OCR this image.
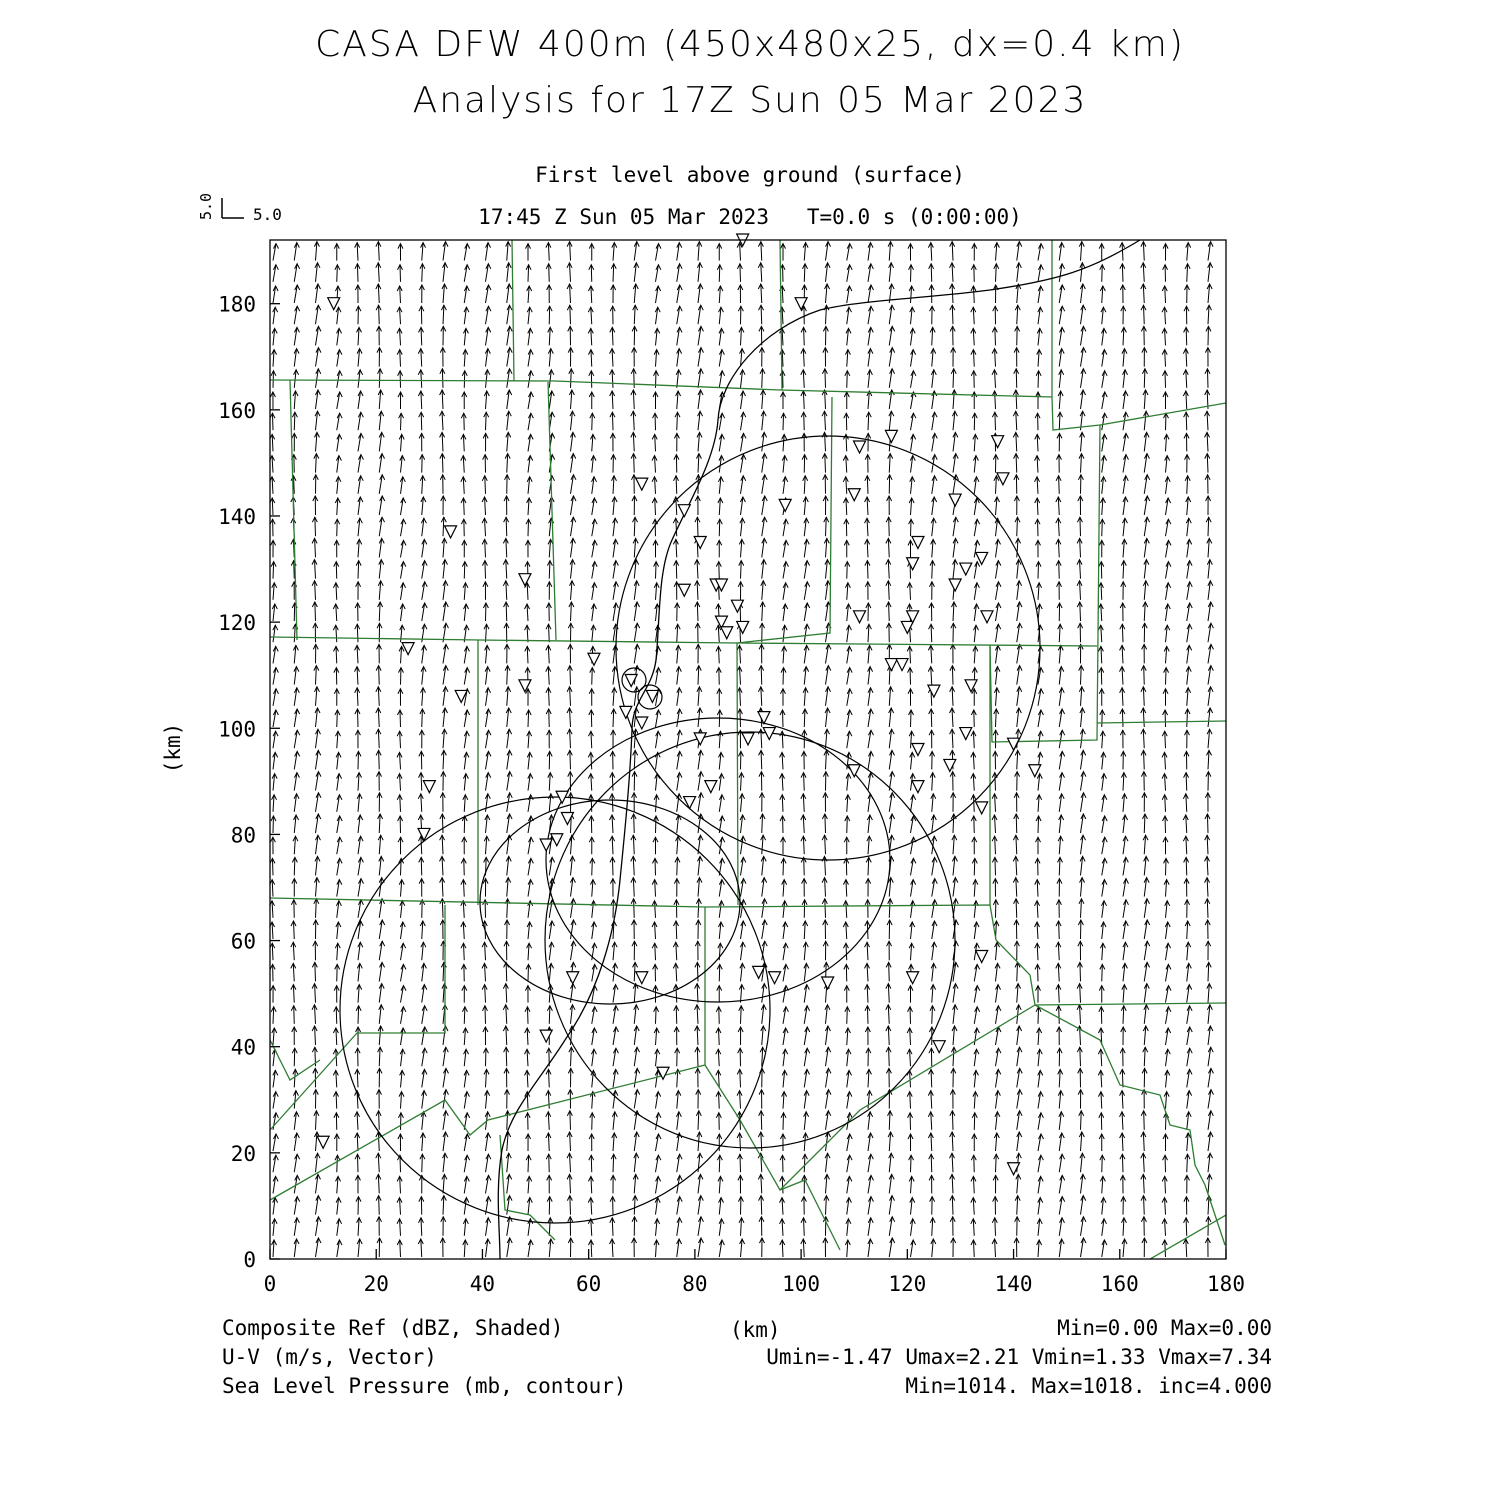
CASA DFW 400m (450x480x25, dx=0.4 km)
Analysis for 17Z Sun 05 Mar 2023
First level above ground (surface)
17:45 Z Sun 05 Mar 2023   T=0.0 s (0:00:00)
0	20	40	60	80	100	120	140	160	180
0
20
40
60
80
100
120
140
160
180
(km)
5.0 5.0
Composite Ref (dBZ, Shaded)	(km)	Min=0.00 Max=0.00
U-V (m/s, Vector)	Umin=-1.47 Umax=2.21 Vmin=1.33 Vmax=7.34
Sea Level Pressure (mb, contour)	Min=1014. Max=1018. inc=4.000
